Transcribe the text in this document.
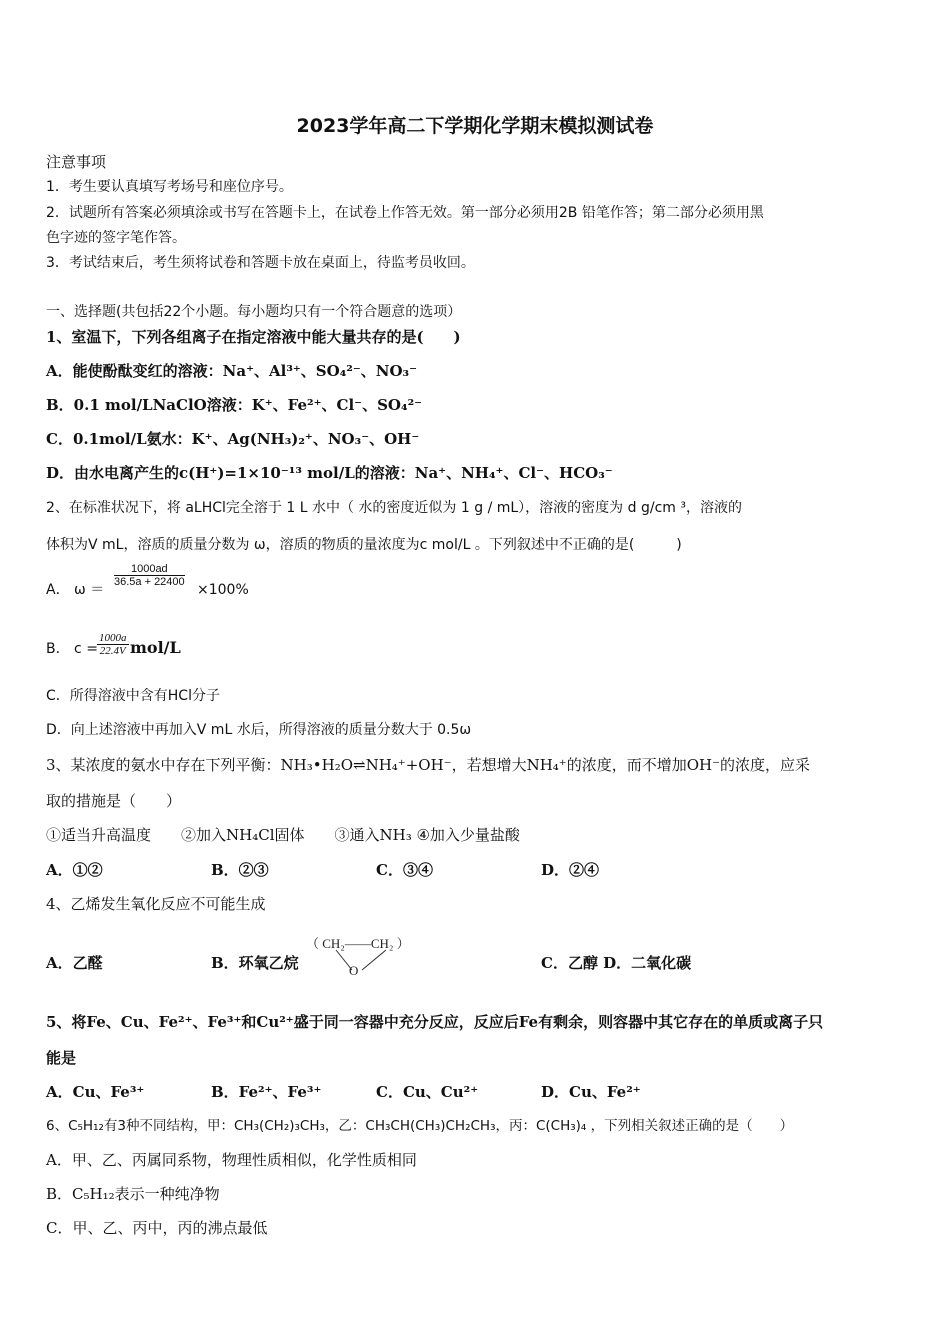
2023学年高二下学期化学期末模拟测试卷
注意事项
1．考生要认真填写考场号和座位序号。
2．试题所有答案必须填涂或书写在答题卡上，在试卷上作答无效。第一部分必须用2B 铅笔作答；第二部分必须用黑
色字迹的签字笔作答。
3．考试结束后，考生须将试卷和答题卡放在桌面上，待监考员收回。
一、选择题(共包括22个小题。每小题均只有一个符合题意的选项）
1、室温下，下列各组离子在指定溶液中能大量共存的是(　　)
A．能使酚酞变红的溶液：Na⁺、Al³⁺、SO₄²⁻、NO₃⁻
B．0.1 mol/LNaClO溶液：K⁺、Fe²⁺、Cl⁻、SO₄²⁻
C．0.1mol/L氨水：K⁺、Ag(NH₃)₂⁺、NO₃⁻、OH⁻
D．由水电离产生的c(H⁺)=1×10⁻¹³ mol/L的溶液：Na⁺、NH₄⁺、Cl⁻、HCO₃⁻
2、在标准状况下，将 aLHCl完全溶于 1 L 水中（ 水的密度近似为 1 g / mL），溶液的密度为 d g/cm ³，溶液的
体积为V mL，溶质的质量分数为 ω，溶质的物质的量浓度为c mol/L 。下列叙述中不正确的是(　　　)
A． ω ＝
$\frac{1000ad}{36.5a + 22400}$
×100%
B． $c = \frac{1000a}{22.4V} mol/L$
C．所得溶液中含有HCl分子
D．向上述溶液中再加入V mL 水后，所得溶液的质量分数大于 0.5ω
3、某浓度的氨水中存在下列平衡：NH₃•H₂O⇌NH₄⁺+OH⁻，若想增大NH₄⁺的浓度，而不增加OH⁻的浓度，应采
取的措施是（　　）
①适当升高温度　　②加入NH₄Cl固体　　③通入NH₃ ④加入少量盐酸
A．①②	B．②③	C．③④	D．②④
4、乙烯发生氧化反应不可能生成
A．乙醛	B．环氧乙烷
（ CH₂——CH₂ ）
O	C．乙醇 D．二氧化碳
5、将Fe、Cu、Fe²⁺、Fe³⁺和Cu²⁺盛于同一容器中充分反应，反应后Fe有剩余，则容器中其它存在的单质或离子只
能是
A．Cu、Fe³⁺	B．Fe²⁺、Fe³⁺	C．Cu、Cu²⁺	D．Cu、Fe²⁺
6、C₅H₁₂有3种不同结构，甲：CH₃(CH₂)₃CH₃，乙：CH₃CH(CH₃)CH₂CH₃，丙：C(CH₃)₄ ，下列相关叙述正确的是（　　）
A．甲、乙、丙属同系物，物理性质相似，化学性质相同
B．C₅H₁₂表示一种纯净物
C．甲、乙、丙中，丙的沸点最低
